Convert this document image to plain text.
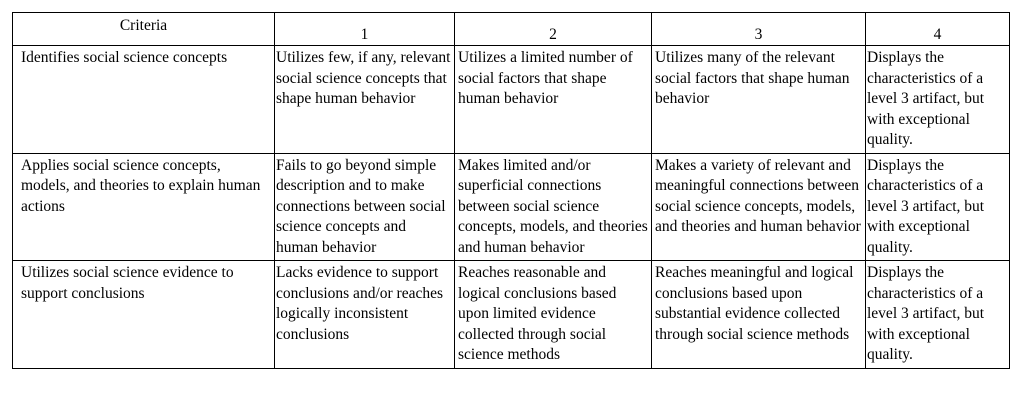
Criteria	1	2	3	4
Identifies social science concepts	Utilizes few, if any, relevant social science concepts that shape human behavior	Utilizes a limited number of social factors that shape human behavior	Utilizes many of the relevant social factors that shape human behavior	Displays the characteristics of a level 3 artifact, but with exceptional quality.
Applies social science concepts, models, and theories to explain human actions	Fails to go beyond simple description and to make connections between social science concepts and human behavior	Makes limited and/or superficial connections between social science concepts, models, and theories and human behavior	Makes a variety of relevant and meaningful connections between social science concepts, models, and theories and human behavior	Displays the characteristics of a level 3 artifact, but with exceptional quality.
Utilizes social science evidence to support conclusions	Lacks evidence to support conclusions and/or reaches logically inconsistent conclusions	Reaches reasonable and logical conclusions based upon limited evidence collected through social science methods	Reaches meaningful and logical conclusions based upon substantial evidence collected through social science methods	Displays the characteristics of a level 3 artifact, but with exceptional quality.
